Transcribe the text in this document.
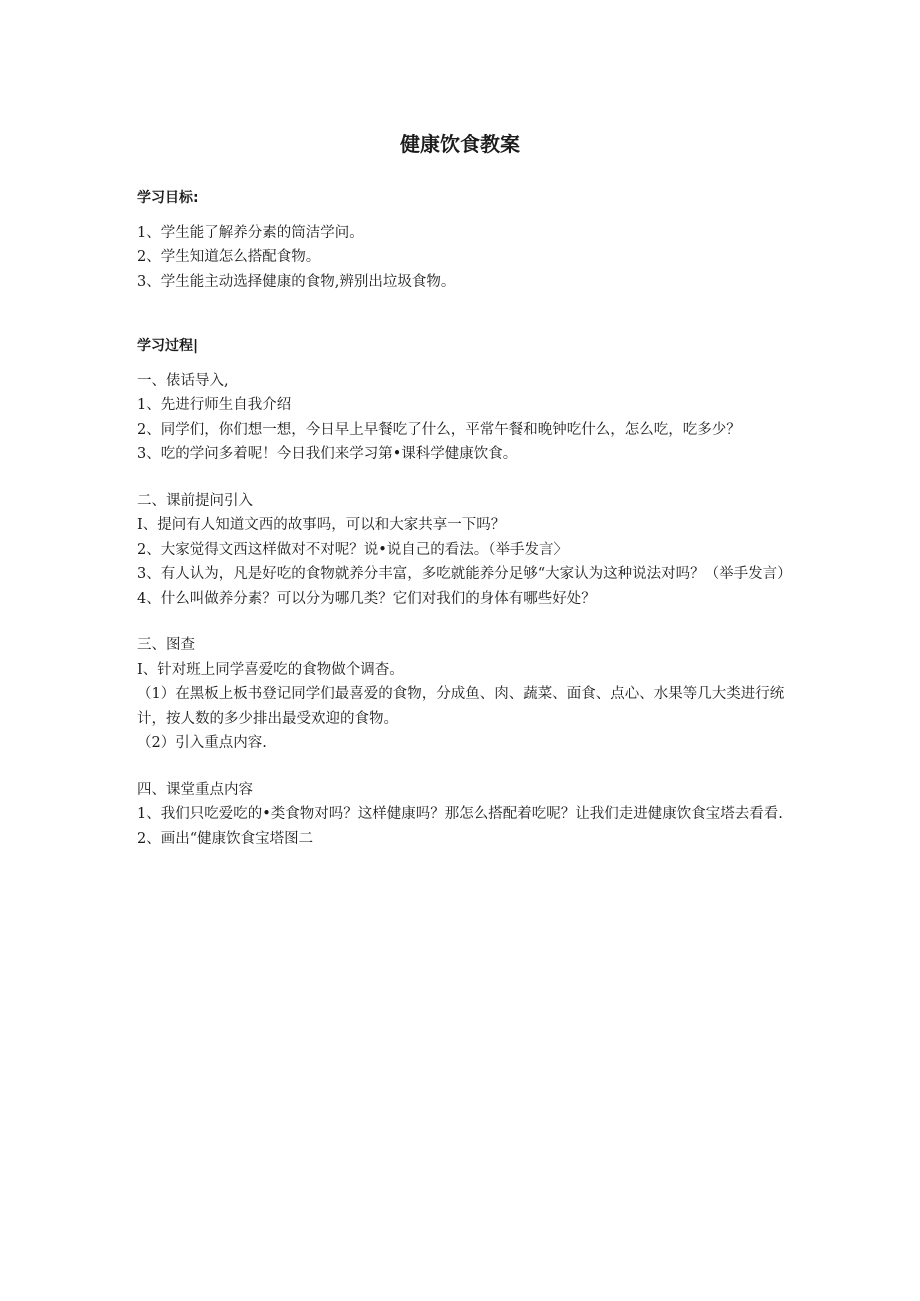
健康饮食教案

学习目标:

1、学生能了解养分素的筒洁学问。

2、学生知道怎么搭配食物。

3、学生能主动选择健康的食物,辨别出垃圾食物。

学习过程|

一、俵话导入,

1、先进行师生自我介绍

2、同学们，你们想一想，今日早上早餐吃了什么，平常午餐和晚钟吃什么，怎么吃，吃多少？

3、吃的学问多着呢！今日我们来学习第•课科学健康饮食。

二、课前提问引入

I、提问有人知道文西的故事吗，可以和大家共享一下吗？

2、大家觉得文西这样做对不对呢？说•说自己的看法。（举手发言〉

3、有人认为，凡是好吃的食物就养分丰富，多吃就能养分足够“大家认为这种说法对吗？（举手发言）

4、什么叫做养分素？可以分为哪几类？它们对我们的身体有哪些好处？

三、图查

I、针对班上同学喜爱吃的食物做个调杳。

（1）在黑板上板书登记同学们最喜爱的食物，分成鱼、肉、蔬菜、面食、点心、水果等几大类进行统计，按人数的多少排出最受欢迎的食物。

（2）引入重点内容.

四、课堂重点内容

1、我们只吃爱吃的•类食物对吗？这样健康吗？那怎么搭配着吃呢？让我们走进健康饮食宝塔去看看.

2、画出“健康饮食宝塔图二
